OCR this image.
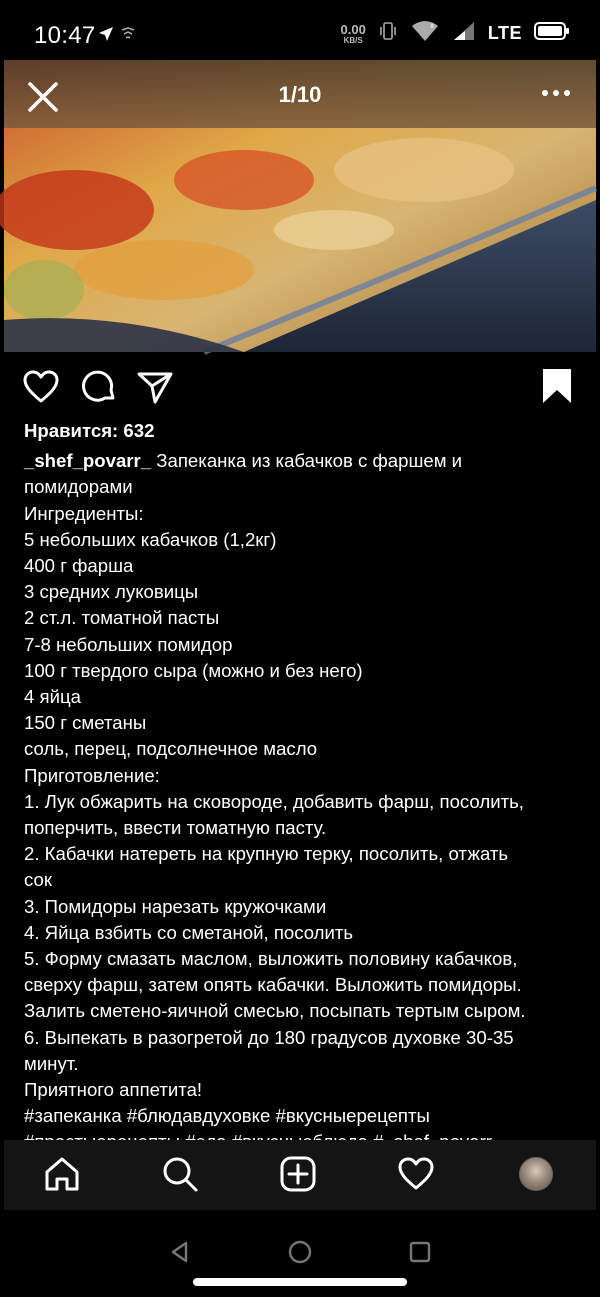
10:47	0.00
KB/S
x	LTE
1/10
Нравится: 632
_shef_povarr_ Запеканка из кабачков с фаршем и
помидорами
Ингредиенты:
5 небольших кабачков (1,2кг)
400 г фарша
3 средних луковицы
2 ст.л. томатной пасты
7-8 небольших помидор
100 г твердого сыра (можно и без него)
4 яйца
150 г сметаны
соль, перец, подсолнечное масло
Приготовление:
1. Лук обжарить на сковороде, добавить фарш, посолить,
поперчить, ввести томатную пасту.
2. Кабачки натереть на крупную терку, посолить, отжать
сок
3. Помидоры нарезать кружочками
4. Яйца взбить со сметаной, посолить
5. Форму смазать маслом, выложить половину кабачков,
сверху фарш, затем опять кабачки. Выложить помидоры.
Залить сметено-яичной смесью, посыпать тертым сыром.
6. Выпекать в разогретой до 180 градусов духовке 30-35
минут.
Приятного аппетита!
#запеканка #блюдавдуховке #вкусныерецепты
